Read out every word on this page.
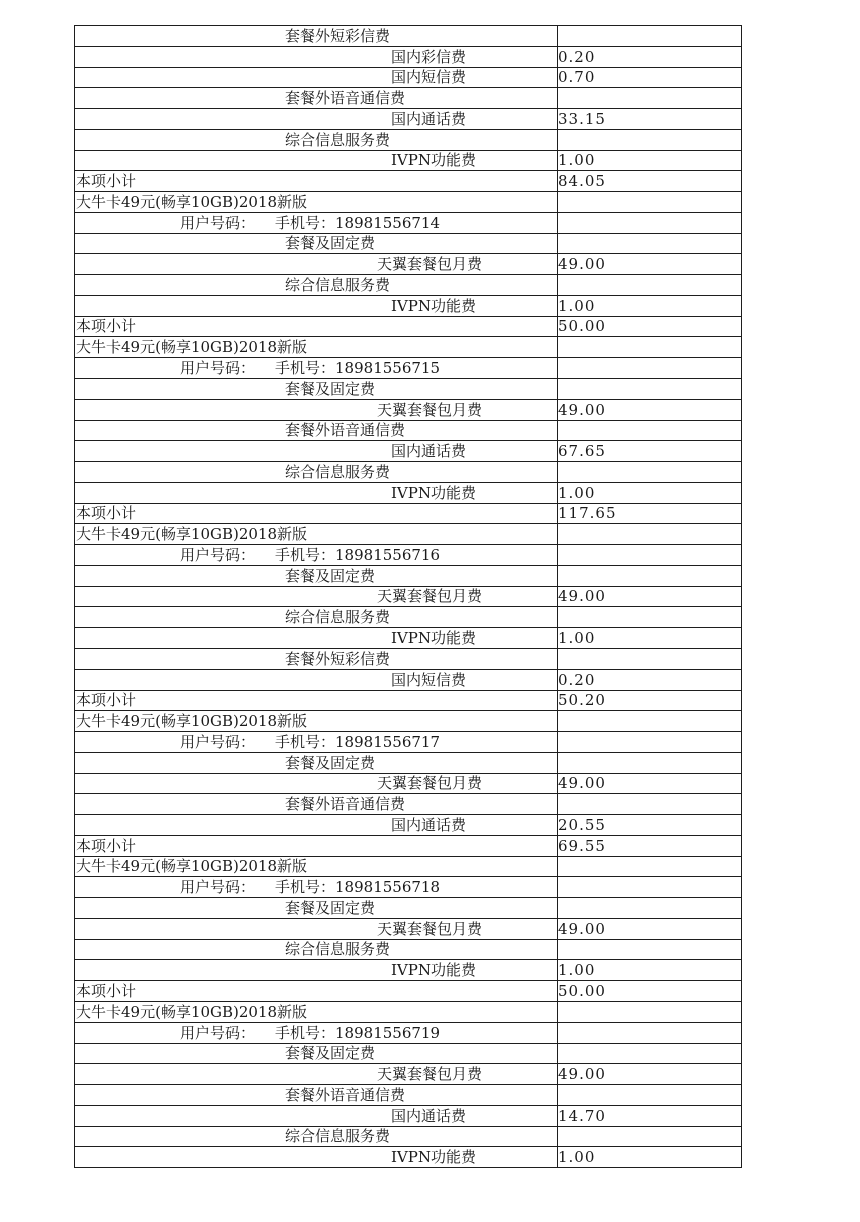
套餐外短彩信费	
国内彩信费	0.20
国内短信费	0.70
套餐外语音通信费	
国内通话费	33.15
综合信息服务费	
IVPN功能费	1.00
本项小计	84.05
大牛卡49元(畅享10GB)2018新版	
用户号码： 手机号：18981556714	
套餐及固定费	
天翼套餐包月费	49.00
综合信息服务费	
IVPN功能费	1.00
本项小计	50.00
大牛卡49元(畅享10GB)2018新版	
用户号码： 手机号：18981556715	
套餐及固定费	
天翼套餐包月费	49.00
套餐外语音通信费	
国内通话费	67.65
综合信息服务费	
IVPN功能费	1.00
本项小计	117.65
大牛卡49元(畅享10GB)2018新版	
用户号码： 手机号：18981556716	
套餐及固定费	
天翼套餐包月费	49.00
综合信息服务费	
IVPN功能费	1.00
套餐外短彩信费	
国内短信费	0.20
本项小计	50.20
大牛卡49元(畅享10GB)2018新版	
用户号码： 手机号：18981556717	
套餐及固定费	
天翼套餐包月费	49.00
套餐外语音通信费	
国内通话费	20.55
本项小计	69.55
大牛卡49元(畅享10GB)2018新版	
用户号码： 手机号：18981556718	
套餐及固定费	
天翼套餐包月费	49.00
综合信息服务费	
IVPN功能费	1.00
本项小计	50.00
大牛卡49元(畅享10GB)2018新版	
用户号码： 手机号：18981556719	
套餐及固定费	
天翼套餐包月费	49.00
套餐外语音通信费	
国内通话费	14.70
综合信息服务费	
IVPN功能费	1.00
